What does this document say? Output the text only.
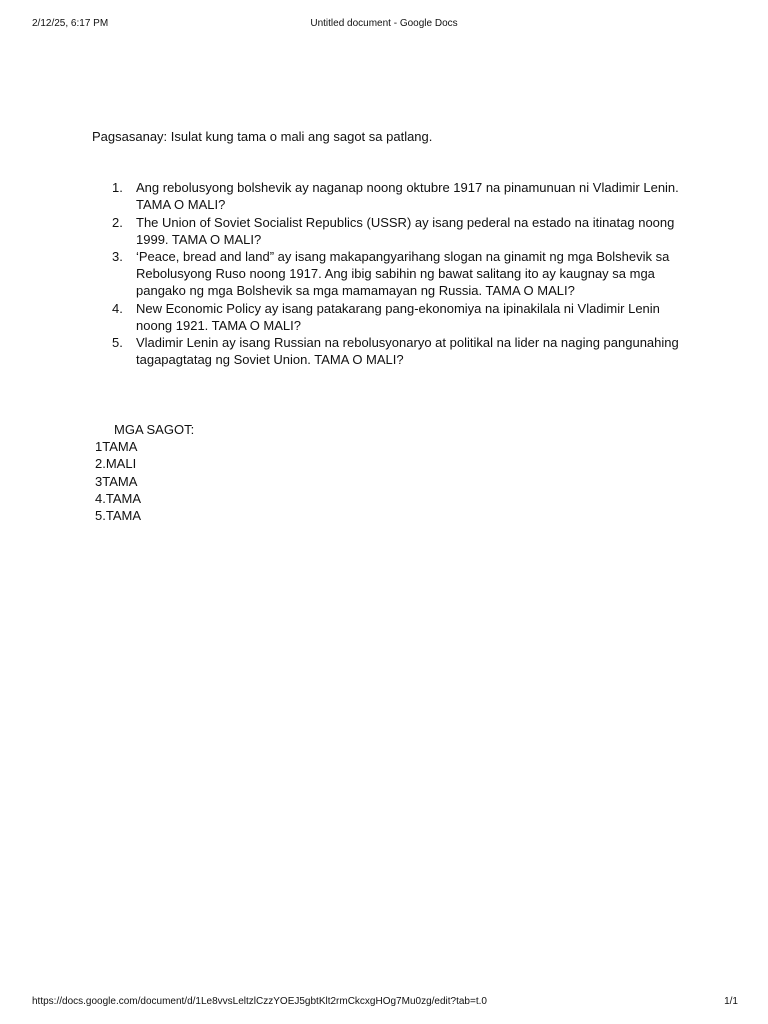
2/12/25, 6:17 PM	Untitled document - Google Docs

Pagsasanay: Isulat kung tama o mali ang sagot sa patlang.

1. Ang rebolusyong bolshevik ay naganap noong oktubre 1917 na pinamunuan ni Vladimir Lenin. TAMA O MALI?
2. The Union of Soviet Socialist Republics (USSR) ay isang pederal na estado na itinatag noong 1999. TAMA O MALI?
3. ‘Peace, bread and land” ay isang makapangyarihang slogan na ginamit ng mga Bolshevik sa Rebolusyong Ruso noong 1917. Ang ibig sabihin ng bawat salitang ito ay kaugnay sa mga pangako ng mga Bolshevik sa mga mamamayan ng Russia. TAMA O MALI?
4. New Economic Policy ay isang patakarang pang-ekonomiya na ipinakilala ni Vladimir Lenin noong 1921. TAMA O MALI?
5. Vladimir Lenin ay isang Russian na rebolusyonaryo at politikal na lider na naging pangunahing tagapagtatag ng Soviet Union. TAMA O MALI?
MGA SAGOT:
1TAMA
2.MALI
3TAMA
4.TAMA
5.TAMA
https://docs.google.com/document/d/1Le8vvsLeltzlCzzYOEJ5gbtKlt2rmCkcxgHOg7Mu0zg/edit?tab=t.0	1/1
